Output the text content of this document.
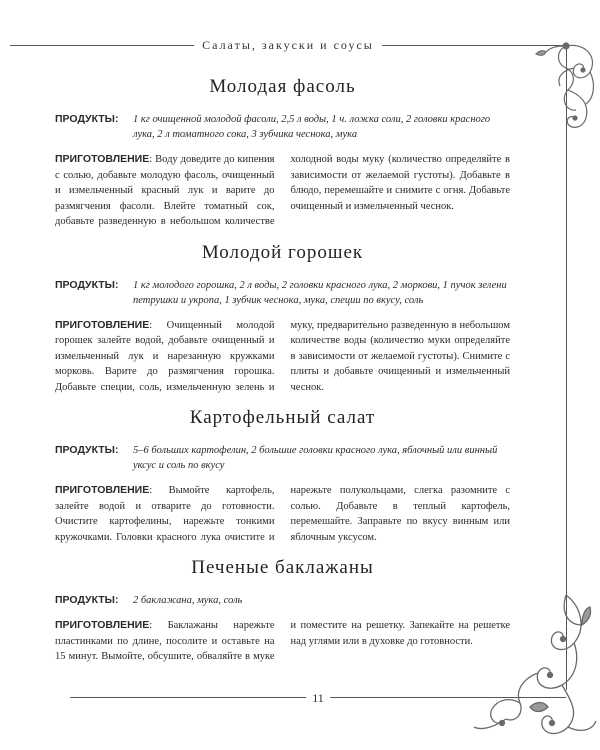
Салаты, закуски и соусы
11
Молодая фасоль
ПРОДУКТЫ:	1 кг очищенной молодой фасоли, 2,5 л воды, 1 ч. ложка соли, 2 головки красного лука, 2 л томатного сока, 3 зубчика чеснока, мука
ПРИГОТОВЛЕНИЕ: Воду доведите до кипения с солью, добавьте молодую фасоль, очищенный и измельченный красный лук и варите до размягчения фасоли. Влейте томатный сок, добавьте разведенную в небольшом количестве холодной воды муку (количество определяйте в зависимости от желаемой густоты). Добавьте в блюдо, перемешайте и снимите с огня. Добавьте очищенный и измельченный чеснок.
Молодой горошек
ПРОДУКТЫ:	1 кг молодого горошка, 2 л воды, 2 головки красного лука, 2 моркови, 1 пучок зелени петрушки и укропа, 1 зубчик чеснока, мука, специи по вкусу, соль
ПРИГОТОВЛЕНИЕ: Очищенный молодой горошек залейте водой, добавьте очищенный и измельченный лук и нарезанную кружками морковь. Варите до размягчения горошка. Добавьте специи, соль, измельченную зелень и муку, предварительно разведенную в небольшом количестве воды (количество муки определяйте в зависимости от желаемой густоты). Снимите с плиты и добавьте очищенный и измельченный чеснок.
Картофельный салат
ПРОДУКТЫ:	5–6 больших картофелин, 2 большие головки красного лука, яблочный или винный уксус и соль по вкусу
ПРИГОТОВЛЕНИЕ: Вымойте картофель, залейте водой и отварите до готовности. Очистите картофелины, нарежьте тонкими кружочками. Головки красного лука очистите и нарежьте полукольцами, слегка разомните с солью. Добавьте в теплый картофель, перемешайте. Заправьте по вкусу винным или яблочным уксусом.
Печеные баклажаны
ПРОДУКТЫ:	2 баклажана, мука, соль
ПРИГОТОВЛЕНИЕ: Баклажаны нарежьте пластинками по длине, посолите и оставьте на 15 минут. Вымойте, обсушите, обваляйте в муке и поместите на решетку. Запекайте на решетке над углями или в духовке до готовности.
